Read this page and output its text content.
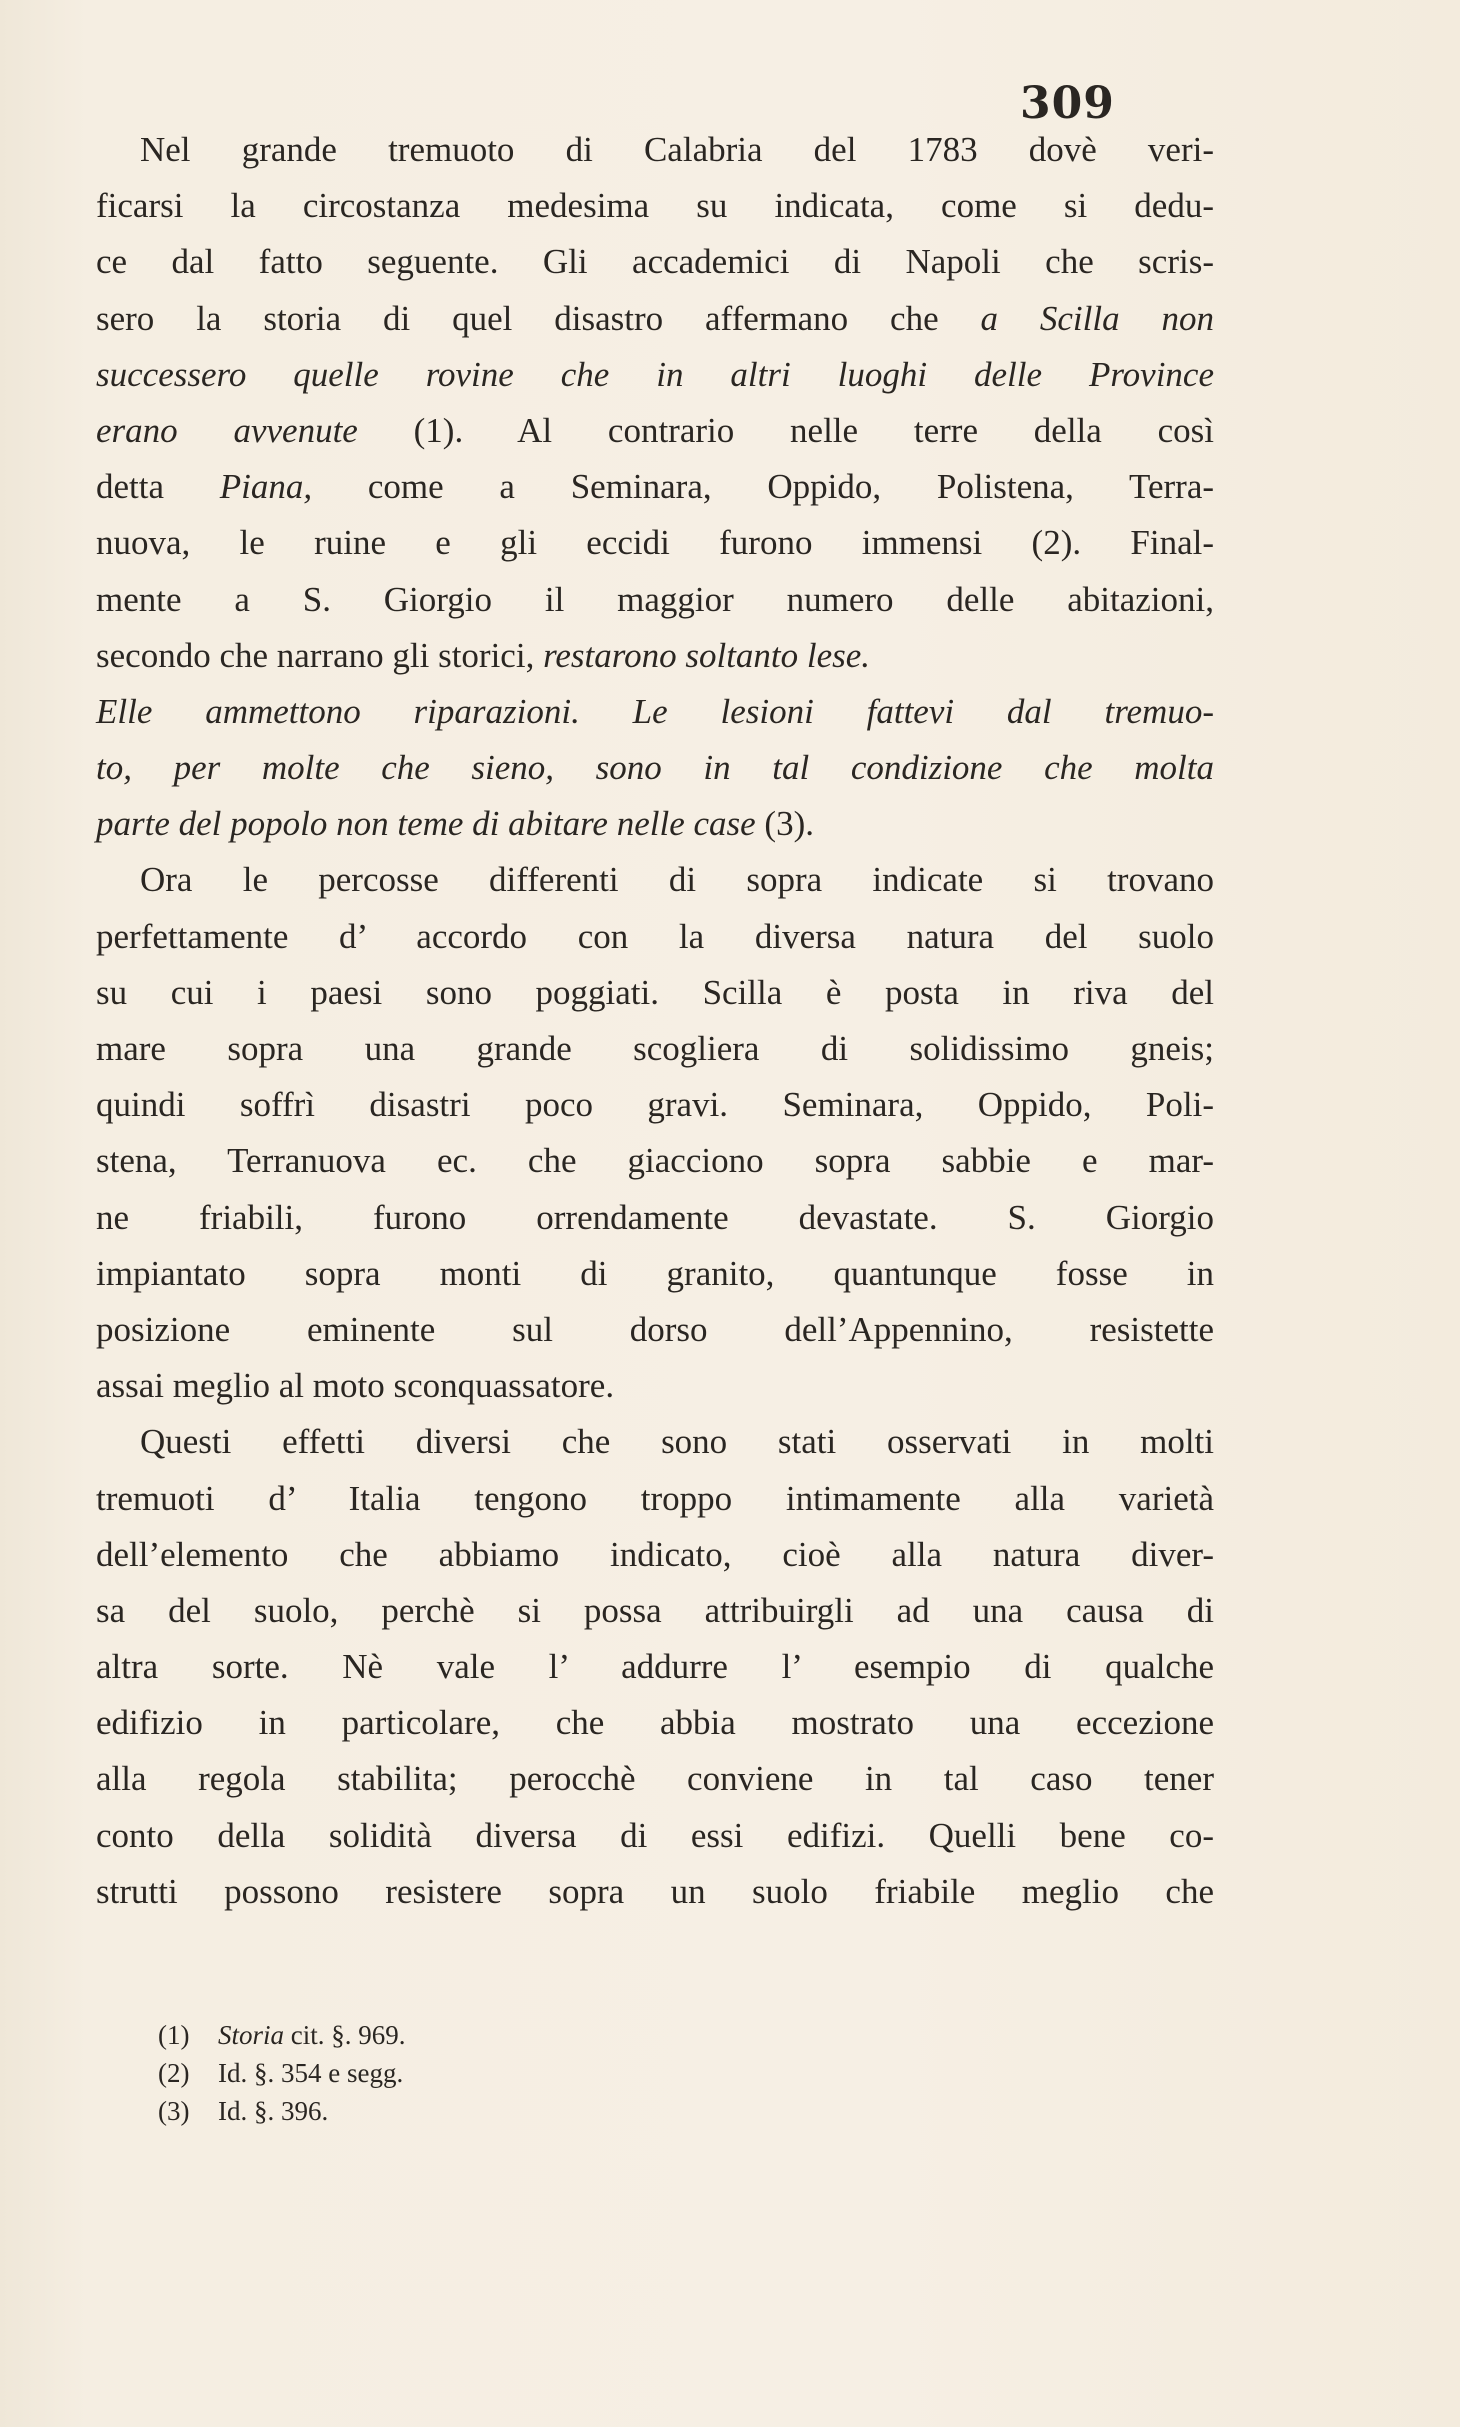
309
Nel grande tremuoto di Calabria del 1783 dovè veri-
ficarsi la circostanza medesima su indicata, come si dedu-
ce dal fatto seguente. Gli accademici di Napoli che scris-
sero la storia di quel disastro affermano che a Scilla non
successero quelle rovine che in altri luoghi delle Province
erano avvenute (1). Al contrario nelle terre della così
detta Piana, come a Seminara, Oppido, Polistena, Terra-
nuova, le ruine e gli eccidi furono immensi (2). Final-
mente a S. Giorgio il maggior numero delle abitazioni,
secondo che narrano gli storici, restarono soltanto lese.
Elle ammettono riparazioni. Le lesioni fattevi dal tremuo-
to, per molte che sieno, sono in tal condizione che molta
parte del popolo non teme di abitare nelle case (3).
Ora le percosse differenti di sopra indicate si trovano
perfettamente d’ accordo con la diversa natura del suolo
su cui i paesi sono poggiati. Scilla è posta in riva del
mare sopra una grande scogliera di solidissimo gneis;
quindi soffrì disastri poco gravi. Seminara, Oppido, Poli-
stena, Terranuova ec. che giacciono sopra sabbie e mar-
ne friabili, furono orrendamente devastate. S. Giorgio
impiantato sopra monti di granito, quantunque fosse in
posizione eminente sul dorso dell’Appennino, resistette
assai meglio al moto sconquassatore.
Questi effetti diversi che sono stati osservati in molti
tremuoti d’ Italia tengono troppo intimamente alla varietà
dell’elemento che abbiamo indicato, cioè alla natura diver-
sa del suolo, perchè si possa attribuirgli ad una causa di
altra sorte. Nè vale l’ addurre l’ esempio di qualche
edifizio in particolare, che abbia mostrato una eccezione
alla regola stabilita; perocchè conviene in tal caso tener
conto della solidità diversa di essi edifizi. Quelli bene co-
strutti possono resistere sopra un suolo friabile meglio che
(1) Storia cit. §. 969.
(2) Id. §. 354 e segg.
(3) Id. §. 396.
